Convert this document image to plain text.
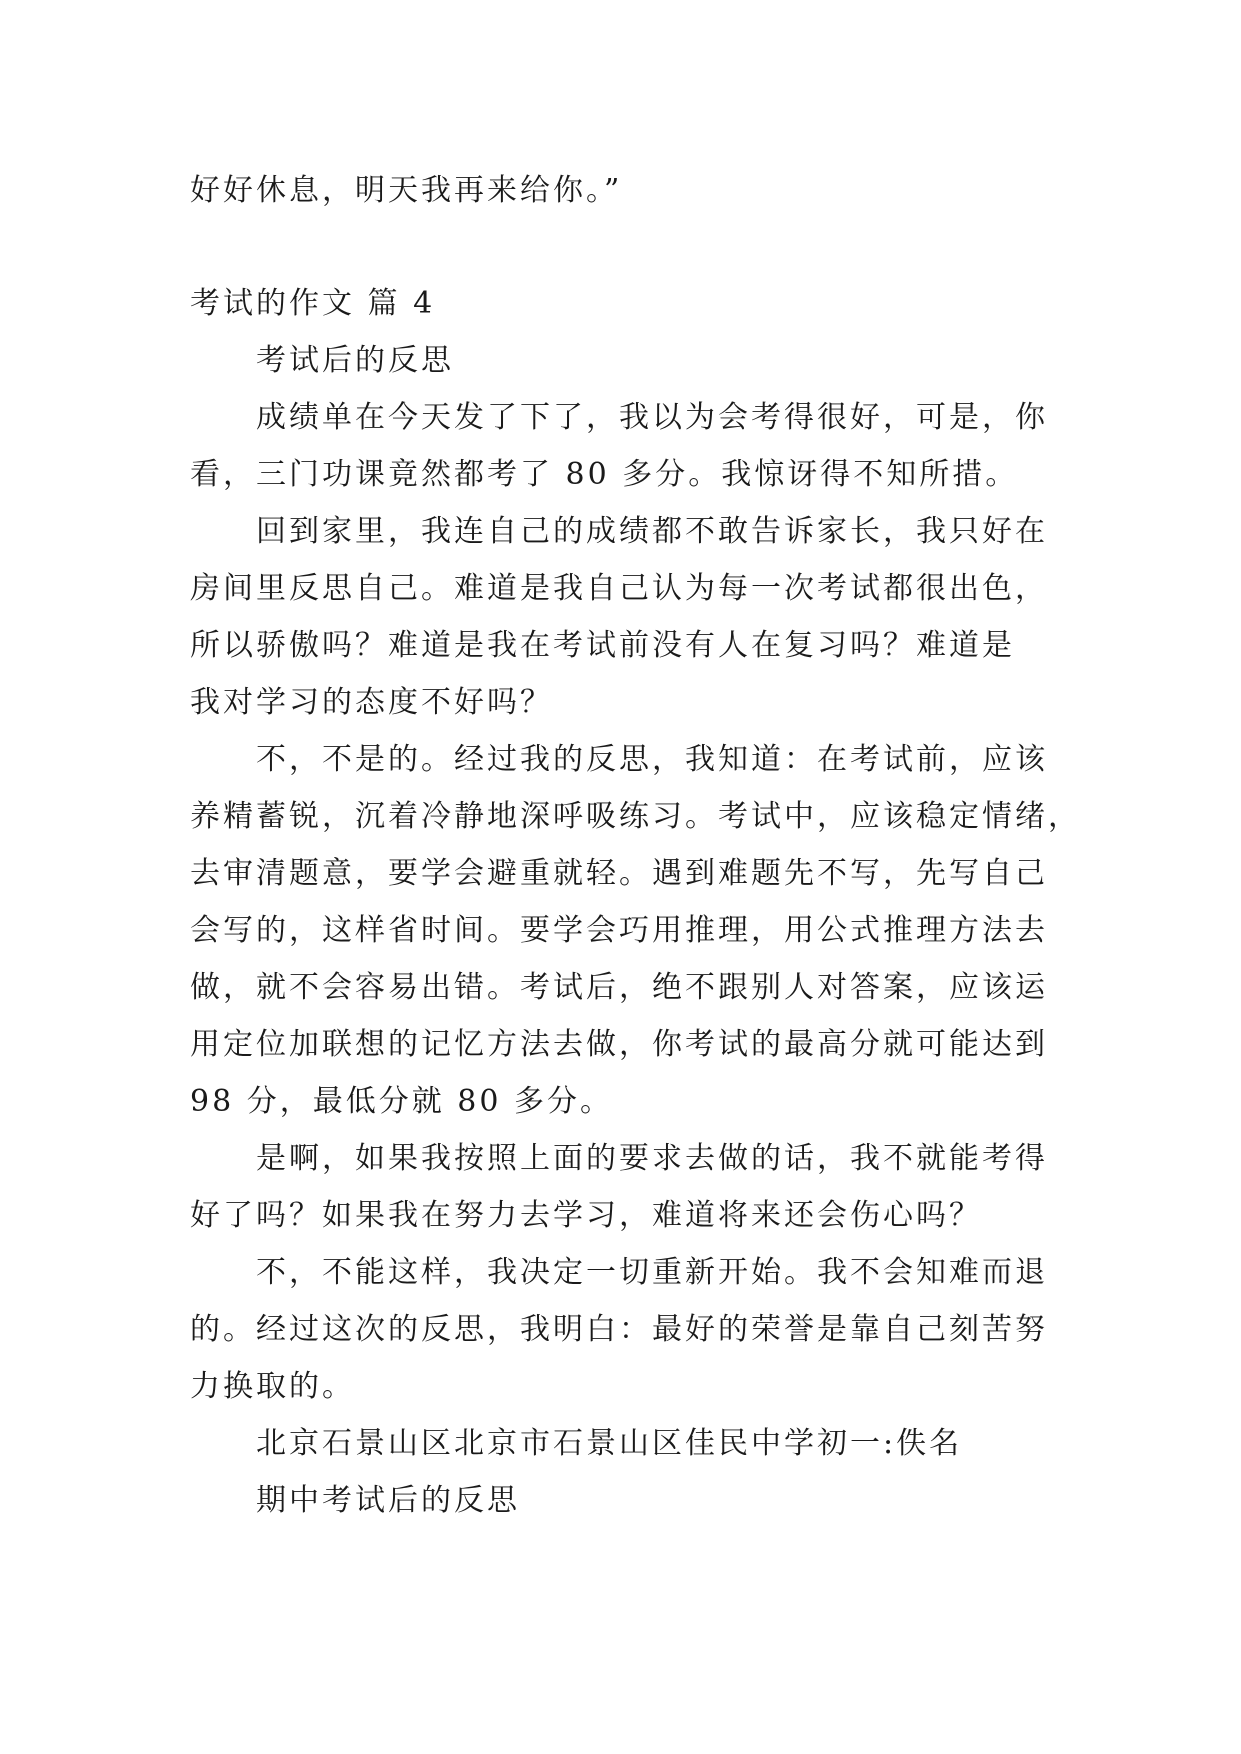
好好休息，明天我再来给你。”
考试的作文 篇 4
考试后的反思
成绩单在今天发了下了，我以为会考得很好，可是，你
看，三门功课竟然都考了 80 多分。我惊讶得不知所措。
回到家里，我连自己的成绩都不敢告诉家长，我只好在
房间里反思自己。难道是我自己认为每一次考试都很出色，
所以骄傲吗？难道是我在考试前没有人在复习吗？难道是
我对学习的态度不好吗？
不，不是的。经过我的反思，我知道：在考试前，应该
养精蓄锐，沉着冷静地深呼吸练习。考试中，应该稳定情绪，
去审清题意，要学会避重就轻。遇到难题先不写，先写自己
会写的，这样省时间。要学会巧用推理，用公式推理方法去
做，就不会容易出错。考试后，绝不跟别人对答案，应该运
用定位加联想的记忆方法去做，你考试的最高分就可能达到
98 分，最低分就 80 多分。
是啊，如果我按照上面的要求去做的话，我不就能考得
好了吗？如果我在努力去学习，难道将来还会伤心吗？
不，不能这样，我决定一切重新开始。我不会知难而退
的。经过这次的反思，我明白：最好的荣誉是靠自己刻苦努
力换取的。
北京石景山区北京市石景山区佳民中学初一:佚名
期中考试后的反思
